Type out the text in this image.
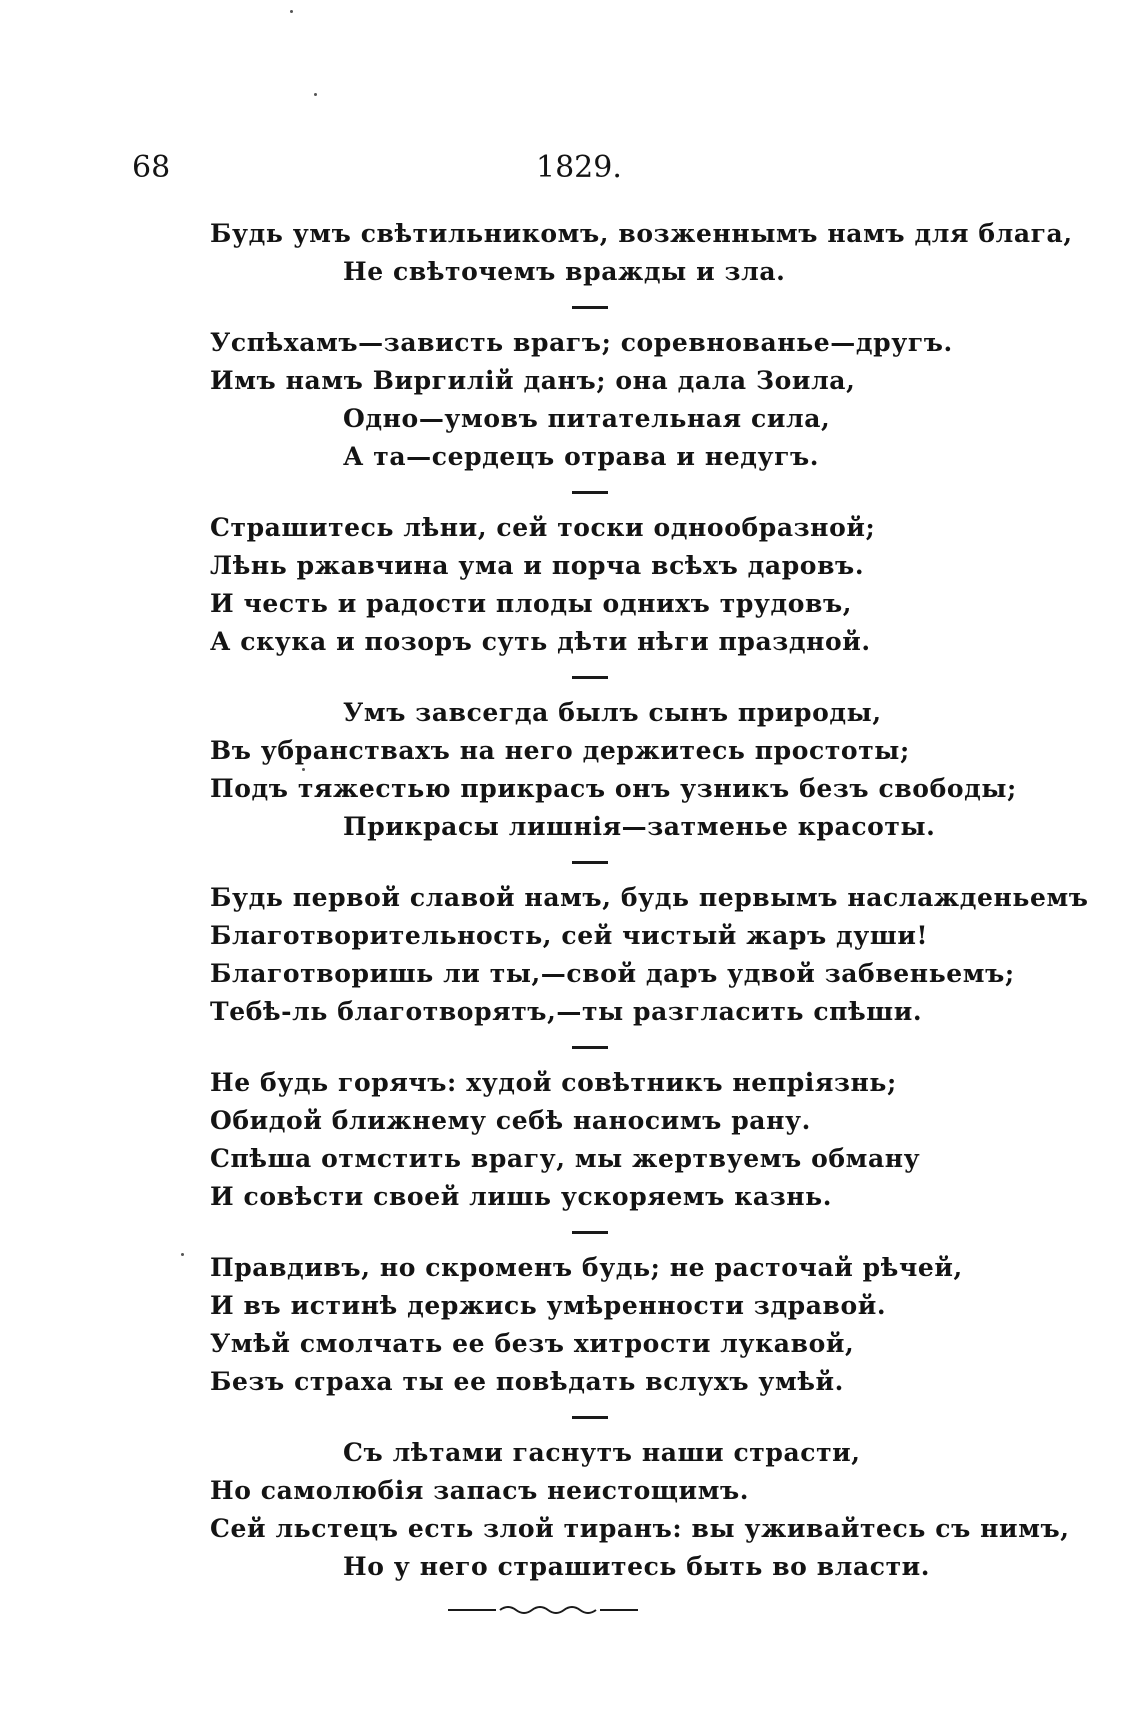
68	1829.
Будь умъ свѣтильникомъ, возженнымъ намъ для блага,
Не свѣточемъ вражды и зла.
Успѣхамъ—зависть врагъ; соревнованье—другъ.
Имъ намъ Виргилій данъ; она дала Зоила,
Одно—умовъ питательная сила,
А та—сердецъ отрава и недугъ.
Страшитесь лѣни, сей тоски однообразной;
Лѣнь ржавчина ума и порча всѣхъ даровъ.
И честь и радости плоды однихъ трудовъ,
А скука и позоръ суть дѣти нѣги праздной.
Умъ завсегда былъ сынъ природы,
Въ убранствахъ на него держитесь простоты;
Подъ тяжестью прикрасъ онъ узникъ безъ свободы;
Прикрасы лишнія—затменье красоты.
Будь первой славой намъ, будь первымъ наслажденьемъ
Благотворительность, сей чистый жаръ души!
Благотворишь ли ты,—свой даръ удвой забвеньемъ;
Тебѣ-ль благотворятъ,—ты разгласить спѣши.
Не будь горячъ: худой совѣтникъ непріязнь;
Обидой ближнему себѣ наносимъ рану.
Спѣша отмстить врагу, мы жертвуемъ обману
И совѣсти своей лишь ускоряемъ казнь.
Правдивъ, но скроменъ будь; не расточай рѣчей,
И въ истинѣ держись умѣренности здравой.
Умѣй смолчать ее безъ хитрости лукавой,
Безъ страха ты ее повѣдать вслухъ умѣй.
Съ лѣтами гаснутъ наши страсти,
Но самолюбія запасъ неистощимъ.
Сей льстецъ есть злой тиранъ: вы уживайтесь съ нимъ,
Но у него страшитесь быть во власти.
